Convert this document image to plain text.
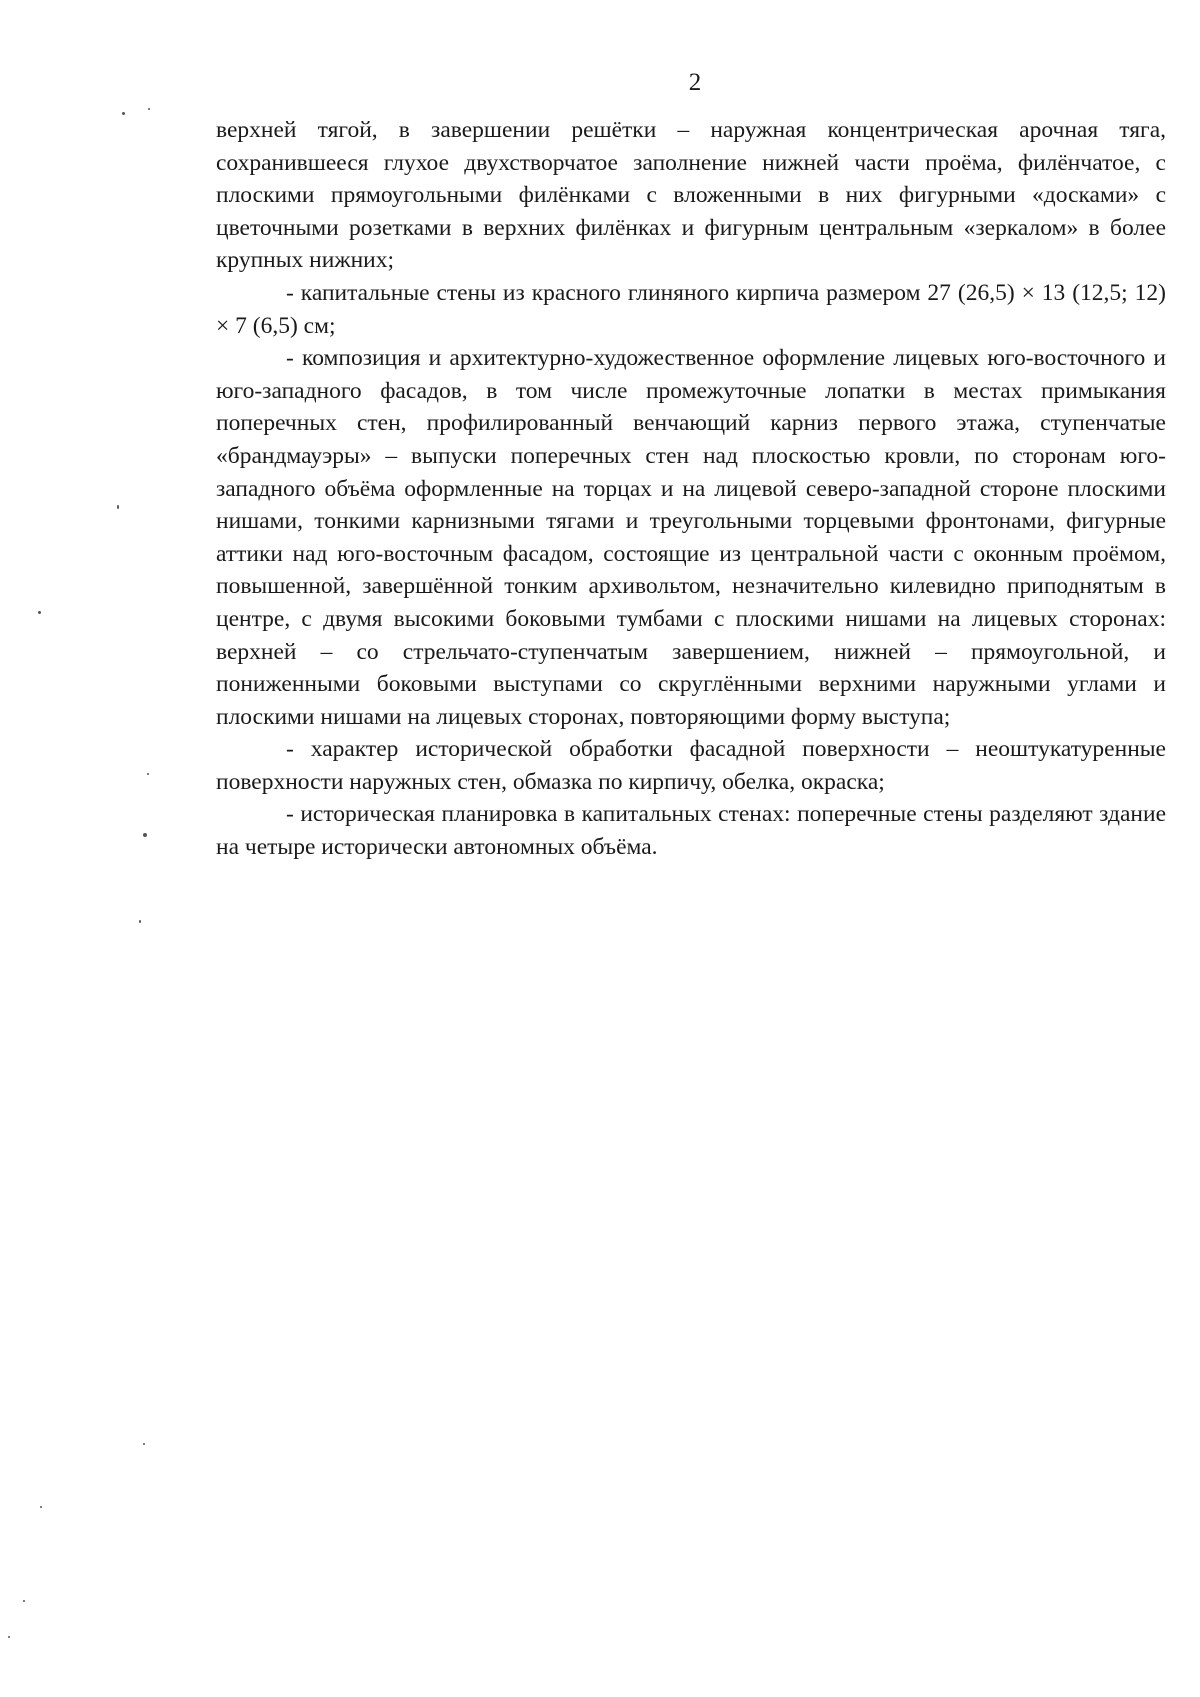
2

верхней тягой, в завершении решётки – наружная концентрическая арочная тяга, сохранившееся глухое двухстворчатое заполнение нижней части проёма, филёнчатое, с плоскими прямоугольными филёнками с вложенными в них фигурными «досками» с цветочными розетками в верхних филёнках и фигурным центральным «зеркалом» в более крупных нижних;

- капитальные стены из красного глиняного кирпича размером 27 (26,5) × 13 (12,5; 12) × 7 (6,5) см;

- композиция и архитектурно-художественное оформление лицевых юго-восточного и юго-западного фасадов, в том числе промежуточные лопатки в местах примыкания поперечных стен, профилированный венчающий карниз первого этажа, ступенчатые «брандмауэры» – выпуски поперечных стен над плоскостью кровли, по сторонам юго-западного объёма оформленные на торцах и на лицевой северо-западной стороне плоскими нишами, тонкими карнизными тягами и треугольными торцевыми фронтонами, фигурные аттики над юго-восточным фасадом, состоящие из центральной части с оконным проёмом, повышенной, завершённой тонким архивольтом, незначительно килевидно приподнятым в центре, с двумя высокими боковыми тумбами с плоскими нишами на лицевых сторонах: верхней – со стрельчато-ступенчатым завершением, нижней – прямоугольной, и пониженными боковыми выступами со скруглёнными верхними наружными углами и плоскими нишами на лицевых сторонах, повторяющими форму выступа;

- характер исторической обработки фасадной поверхности – неоштукатуренные поверхности наружных стен, обмазка по кирпичу, обелка, окраска;

- историческая планировка в капитальных стенах: поперечные стены разделяют здание на четыре исторически автономных объёма.
